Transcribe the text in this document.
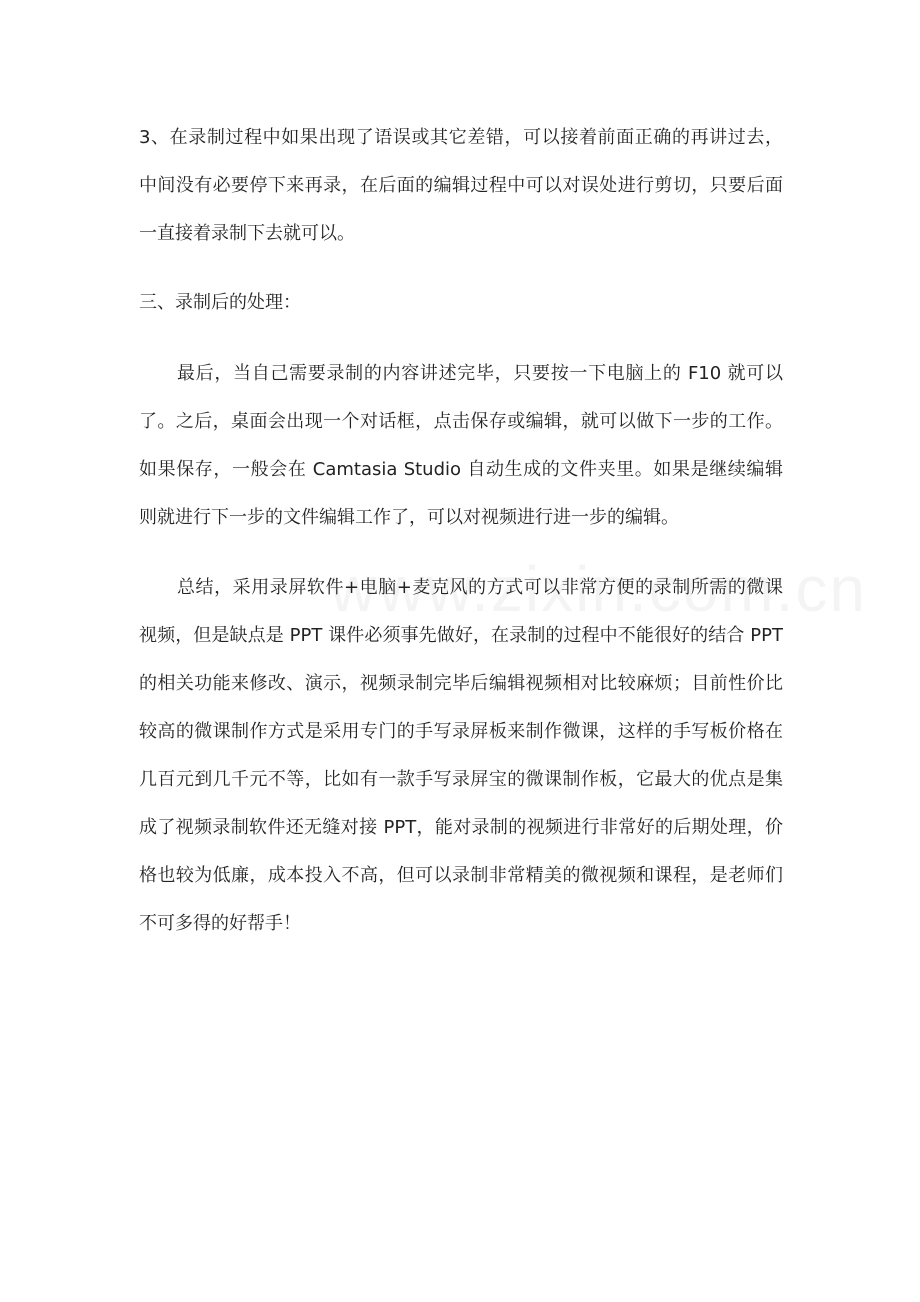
3、在录制过程中如果出现了语误或其它差错，可以接着前面正确的再讲过去，
中间没有必要停下来再录，在后面的编辑过程中可以对误处进行剪切，只要后面
一直接着录制下去就可以。
三、录制后的处理：
最后，当自己需要录制的内容讲述完毕，只要按一下电脑上的 F10 就可以
了。之后，桌面会出现一个对话框，点击保存或编辑，就可以做下一步的工作。
如果保存，一般会在 Camtasia Studio 自动生成的文件夹里。如果是继续编辑
则就进行下一步的文件编辑工作了，可以对视频进行进一步的编辑。
总结，采用录屏软件+电脑+麦克风的方式可以非常方便的录制所需的微课
视频，但是缺点是 PPT 课件必须事先做好，在录制的过程中不能很好的结合 PPT
的相关功能来修改、演示，视频录制完毕后编辑视频相对比较麻烦；目前性价比
较高的微课制作方式是采用专门的手写录屏板来制作微课，这样的手写板价格在
几百元到几千元不等，比如有一款手写录屏宝的微课制作板，它最大的优点是集
成了视频录制软件还无缝对接 PPT，能对录制的视频进行非常好的后期处理，价
格也较为低廉，成本投入不高，但可以录制非常精美的微视频和课程，是老师们
不可多得的好帮手！
